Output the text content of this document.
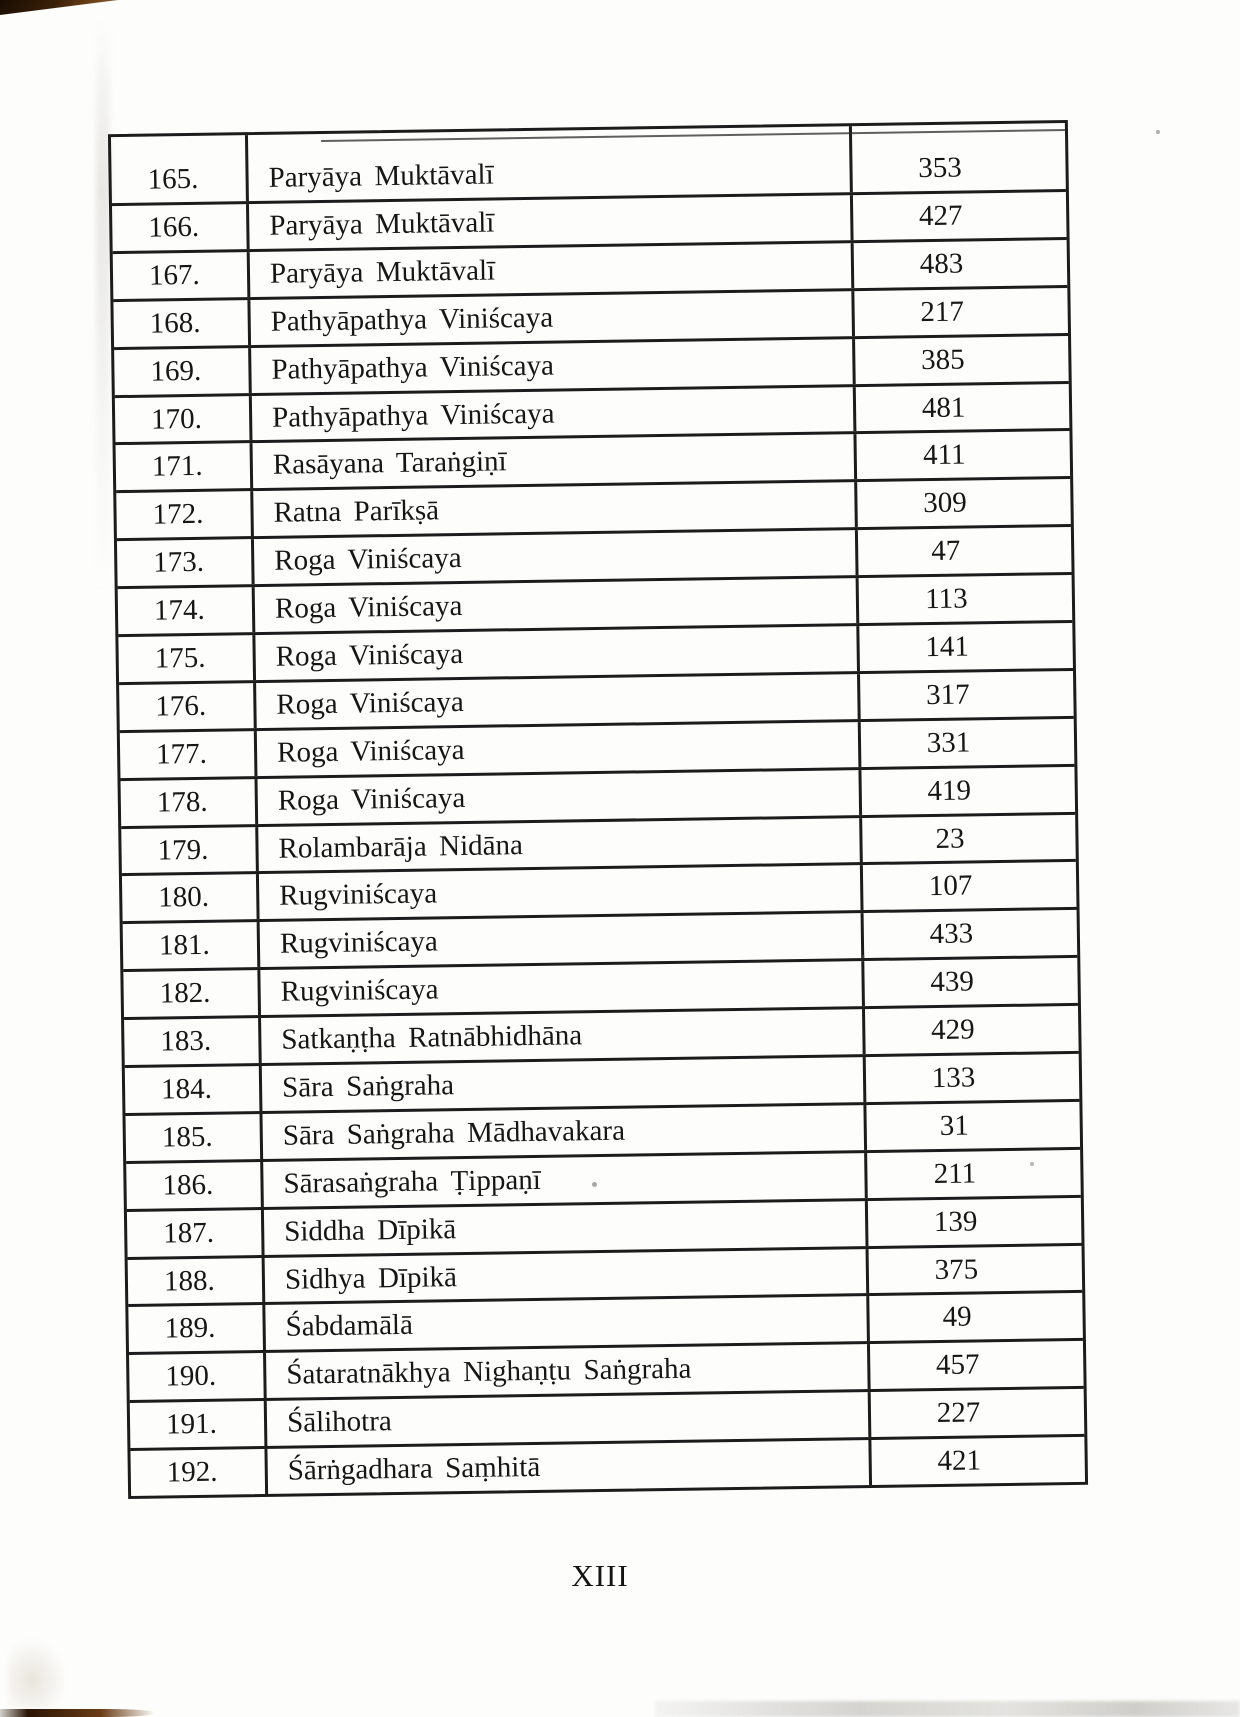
165.	Paryāya Muktāvalī	353
166.	Paryāya Muktāvalī	427
167.	Paryāya Muktāvalī	483
168.	Pathyāpathya Viniścaya	217
169.	Pathyāpathya Viniścaya	385
170.	Pathyāpathya Viniścaya	481
171.	Rasāyana Taraṅgiṇī	411
172.	Ratna Parīkṣā	309
173.	Roga Viniścaya	47
174.	Roga Viniścaya	113
175.	Roga Viniścaya	141
176.	Roga Viniścaya	317
177.	Roga Viniścaya	331
178.	Roga Viniścaya	419
179.	Rolambarāja Nidāna	23
180.	Rugviniścaya	107
181.	Rugviniścaya	433
182.	Rugviniścaya	439
183.	Satkaṇṭha Ratnābhidhāna	429
184.	Sāra Saṅgraha	133
185.	Sāra Saṅgraha Mādhavakara	31
186.	Sārasaṅgraha Ṭippaṇī	211
187.	Siddha Dīpikā	139
188.	Sidhya Dīpikā	375
189.	Śabdamālā	49
190.	Śataratnākhya Nighaṇṭu Saṅgraha	457
191.	Śālihotra	227
192.	Śārṅgadhara Saṃhitā	421
XIII
